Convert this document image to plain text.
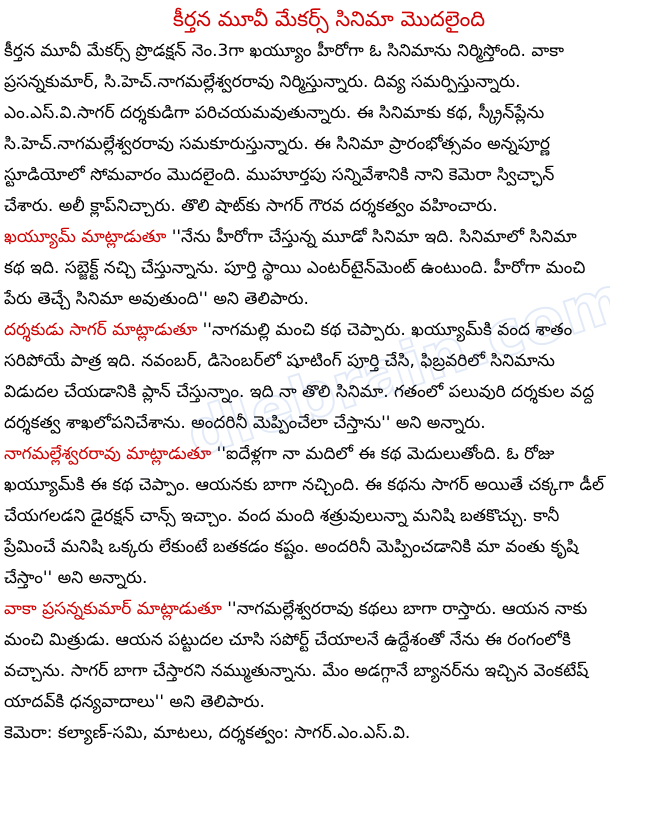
కీర్తన మూవీ మేకర్స్ సినిమా మొదలైంది
కీర్తన మూవీ మేకర్స్ ప్రొడక్షన్ నెం.3గా ఖయ్యూం హీరోగా ఓ సినిమాను నిర్మిస్తోంది. వాకా
ప్రసన్నకుమార్, సి.హెచ్.నాగమల్లేశ్వరరావు నిర్మిస్తున్నారు. దివ్య సమర్పిస్తున్నారు.
ఎం.ఎస్.వి.సాగర్ దర్శకుడిగా పరిచయమవుతున్నారు. ఈ సినిమాకు కథ, స్క్రీన్‌ప్లేను
సి.హెచ్.నాగమల్లేశ్వరరావు సమకూరుస్తున్నారు. ఈ సినిమా ప్రారంభోత్సవం అన్నపూర్ణ
స్టూడియోలో సోమవారం మొదలైంది. ముహూర్తపు సన్నివేశానికి నాని కెమెరా స్విచ్ఛాన్
చేశారు. అలీ క్లాప్‌నిచ్చారు. తొలి షాట్‌కు సాగర్ గౌరవ దర్శకత్వం వహించారు.
ఖయ్యూమ్ మాట్లాడుతూ ''నేను హీరోగా చేస్తున్న మూడో సినిమా ఇది. సినిమాలో సినిమా
కథ ఇది. సబ్జెక్ట్ నచ్చి చేస్తున్నాను. పూర్తి స్థాయి ఎంటర్‌టైన్‌మెంట్ ఉంటుంది. హీరోగా మంచి
పేరు తెచ్చే సినిమా అవుతుంది'' అని తెలిపారు.
దర్శకుడు సాగర్ మాట్లాడుతూ ''నాగమల్లి మంచి కథ చెప్పారు. ఖయ్యూమ్‌కి వంద శాతం
సరిపోయే పాత్ర ఇది. నవంబర్, డిసెంబర్‌లో షూటింగ్ పూర్తి చేసి, ఫిబ్రవరిలో సినిమాను
విడుదల చేయడానికి ప్లాన్ చేస్తున్నాం. ఇది నా తొలి సినిమా. గతంలో పలువురి దర్శకుల వద్ద
దర్శకత్వ శాఖలోపనిచేశాను. అందరినీ మెప్పించేలా చేస్తాను'' అని అన్నారు.
నాగమల్లేశ్వరరావు మాట్లాడుతూ ''ఐదేళ్లగా నా మదిలో ఈ కథ మెదులుతోంది. ఓ రోజు
ఖయ్యూమ్‌కి ఈ కథ చెప్పాం. ఆయనకు బాగా నచ్చింది. ఈ కథను సాగర్ అయితే చక్కగా డీల్
చేయగలడని డైరక్షన్ చాన్స్ ఇచ్చాం. వంద మంది శత్రువులున్నా మనిషి బతకొచ్చు. కానీ
ప్రేమించే మనిషి ఒక్కరు లేకుంటే బతకడం కష్టం. అందరినీ మెప్పించడానికి మా వంతు కృషి
చేస్తాం'' అని అన్నారు.
వాకా ప్రసన్నకుమార్ మాట్లాడుతూ ''నాగమల్లేశ్వరరావు కథలు బాగా రాస్తారు. ఆయన నాకు
మంచి మిత్రుడు. ఆయన పట్టుదల చూసి సపోర్ట్ చేయాలనే ఉద్దేశంతో నేను ఈ రంగంలోకి
వచ్చాను. సాగర్ బాగా చేస్తారని నమ్ముతున్నాను. మేం అడగ్గానే బ్యానర్‌ను ఇచ్చిన వెంకటేష్
యాదవ్‌కి ధన్యవాదాలు'' అని తెలిపారు.
కెమెరా: కల్యాణ్-సమి, మాటలు, దర్శకత్వం: సాగర్.ఎం.ఎస్.వి.
idlebrain.com
